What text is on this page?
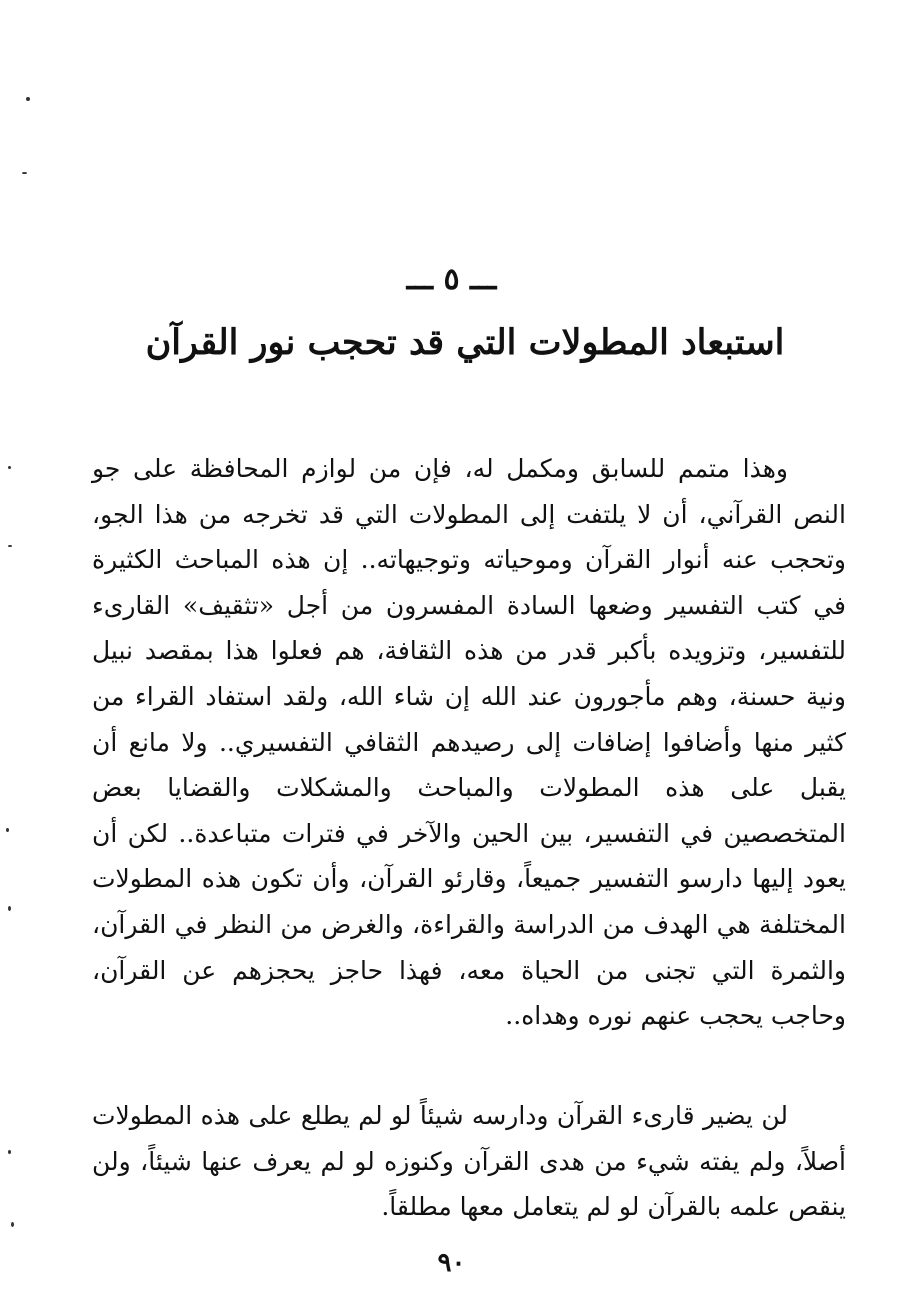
ـــ ٥ ـــ
استبعاد المطولات التي قد تحجب نور القرآن

وهذا متمم للسابق ومكمل له، فإن من لوازم المحافظة على جو النص القرآني، أن لا يلتفت إلى المطولات التي قد تخرجه من هذا الجو، وتحجب عنه أنوار القرآن وموحياته وتوجيهاته.. إن هذه المباحث الكثيرة في كتب التفسير وضعها السادة المفسرون من أجل «تثقيف» القارىء للتفسير، وتزويده بأكبر قدر من هذه الثقافة، هم فعلوا هذا بمقصد نبيل ونية حسنة، وهم مأجورون عند الله إن شاء الله، ولقد استفاد القراء من كثير منها وأضافوا إضافات إلى رصيدهم الثقافي التفسيري.. ولا مانع أن يقبل على هذه المطولات والمباحث والمشكلات والقضايا بعض المتخصصين في التفسير، بين الحين والآخر في فترات متباعدة.. لكن أن يعود إليها دارسو التفسير جميعاً، وقارئو القرآن، وأن تكون هذه المطولات المختلفة هي الهدف من الدراسة والقراءة، والغرض من النظر في القرآن، والثمرة التي تجنى من الحياة معه، فهذا حاجز يحجزهم عن القرآن، وحاجب يحجب عنهم نوره وهداه..

لن يضير قارىء القرآن ودارسه شيئاً لو لم يطلع على هذه المطولات أصلاً، ولم يفته شيء من هدى القرآن وكنوزه لو لم يعرف عنها شيئاً، ولن ينقص علمه بالقرآن لو لم يتعامل معها مطلقاً.

٩٠
